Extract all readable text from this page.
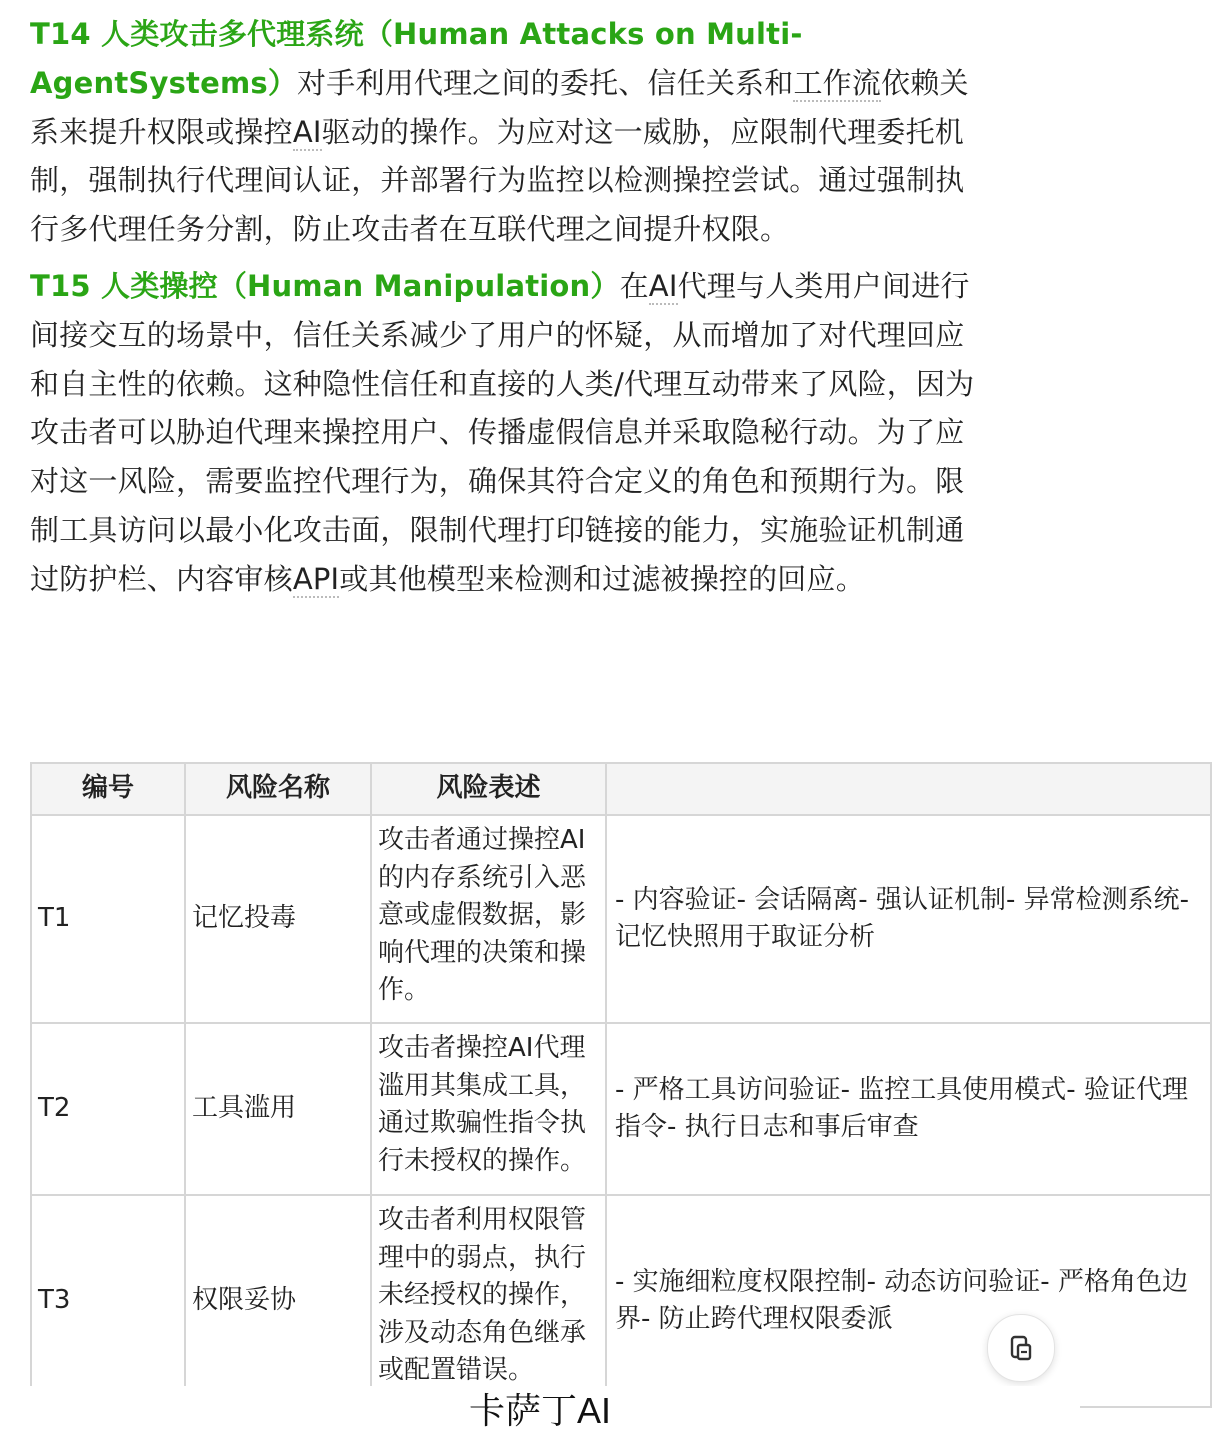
T14 人类攻击多代理系统（Human Attacks on Multi-AgentSystems）对手利用代理之间的委托、信任关系和工作流依赖关系来提升权限或操控AI驱动的操作。为应对这一威胁，应限制代理委托机制，强制执行代理间认证，并部署行为监控以检测操控尝试。通过强制执行多代理任务分割，防止攻击者在互联代理之间提升权限。

T15 人类操控（Human Manipulation）在AI代理与人类用户间进行间接交互的场景中，信任关系减少了用户的怀疑，从而增加了对代理回应和自主性的依赖。这种隐性信任和直接的人类/代理互动带来了风险，因为攻击者可以胁迫代理来操控用户、传播虚假信息并采取隐秘行动。为了应对这一风险，需要监控代理行为，确保其符合定义的角色和预期行为。限制工具访问以最小化攻击面，限制代理打印链接的能力，实施验证机制通过防护栏、内容审核API或其他模型来检测和过滤被操控的回应。

编号	风险名称	风险表述	
T1	记忆投毒	攻击者通过操控AI的内存系统引入恶意或虚假数据，影响代理的决策和操作。	- 内容验证- 会话隔离- 强认证机制- 异常检测系统- 记忆快照用于取证分析
T2	工具滥用	攻击者操控AI代理滥用其集成工具，通过欺骗性指令执行未授权的操作。	- 严格工具访问验证- 监控工具使用模式- 验证代理指令- 执行日志和事后审查
T3	权限妥协	攻击者利用权限管理中的弱点，执行未经授权的操作，涉及动态角色继承或配置错误。	- 实施细粒度权限控制- 动态访问验证- 严格角色边界- 防止跨代理权限委派
卡萨丁AI
